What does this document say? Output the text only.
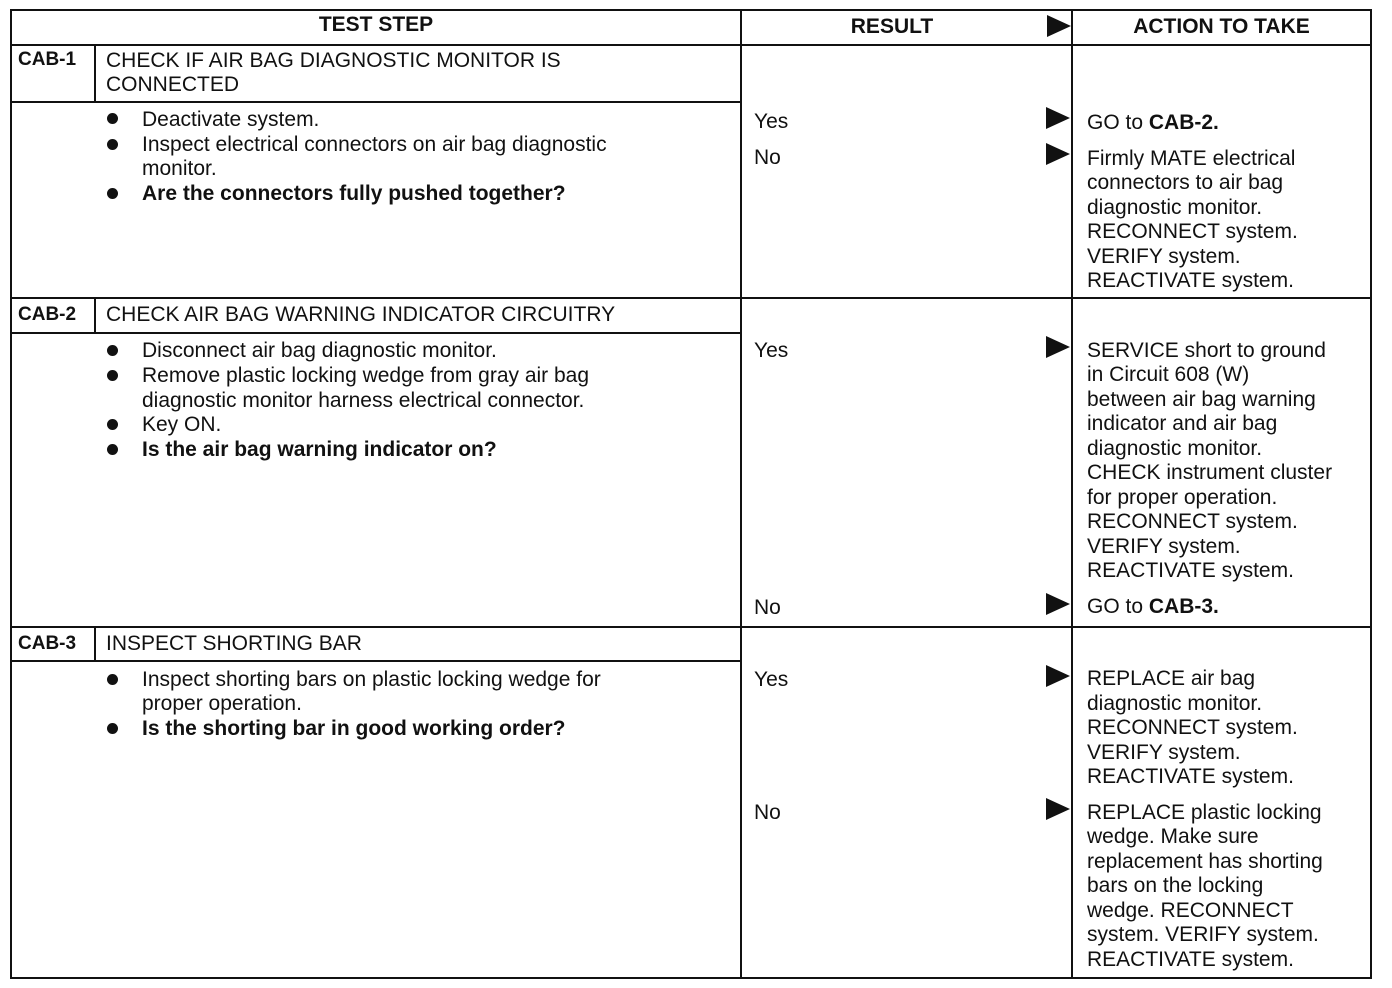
TEST STEP	RESULT	ACTION TO TAKE
CAB-1 CHECK IF AIR BAG DIAGNOSTIC MONITOR IS
CONNECTED
Deactivate system.
Inspect electrical connectors on air bag diagnostic
monitor.
Are the connectors fully pushed together?
Yes	GO to CAB-2.
No	Firmly MATE electrical
connectors to air bag
diagnostic monitor.
RECONNECT system.
VERIFY system.
REACTIVATE system.
CAB-2 CHECK AIR BAG WARNING INDICATOR CIRCUITRY
Disconnect air bag diagnostic monitor.
Remove plastic locking wedge from gray air bag
diagnostic monitor harness electrical connector.
Key ON.
Is the air bag warning indicator on?
Yes	SERVICE short to ground
in Circuit 608 (W)
between air bag warning
indicator and air bag
diagnostic monitor.
CHECK instrument cluster
for proper operation.
RECONNECT system.
VERIFY system.
REACTIVATE system.
No	GO to CAB-3.
CAB-3 INSPECT SHORTING BAR
Inspect shorting bars on plastic locking wedge for
proper operation.
Is the shorting bar in good working order?
Yes	REPLACE air bag
diagnostic monitor.
RECONNECT system.
VERIFY system.
REACTIVATE system.
No	REPLACE plastic locking
wedge. Make sure
replacement has shorting
bars on the locking
wedge. RECONNECT
system. VERIFY system.
REACTIVATE system.
